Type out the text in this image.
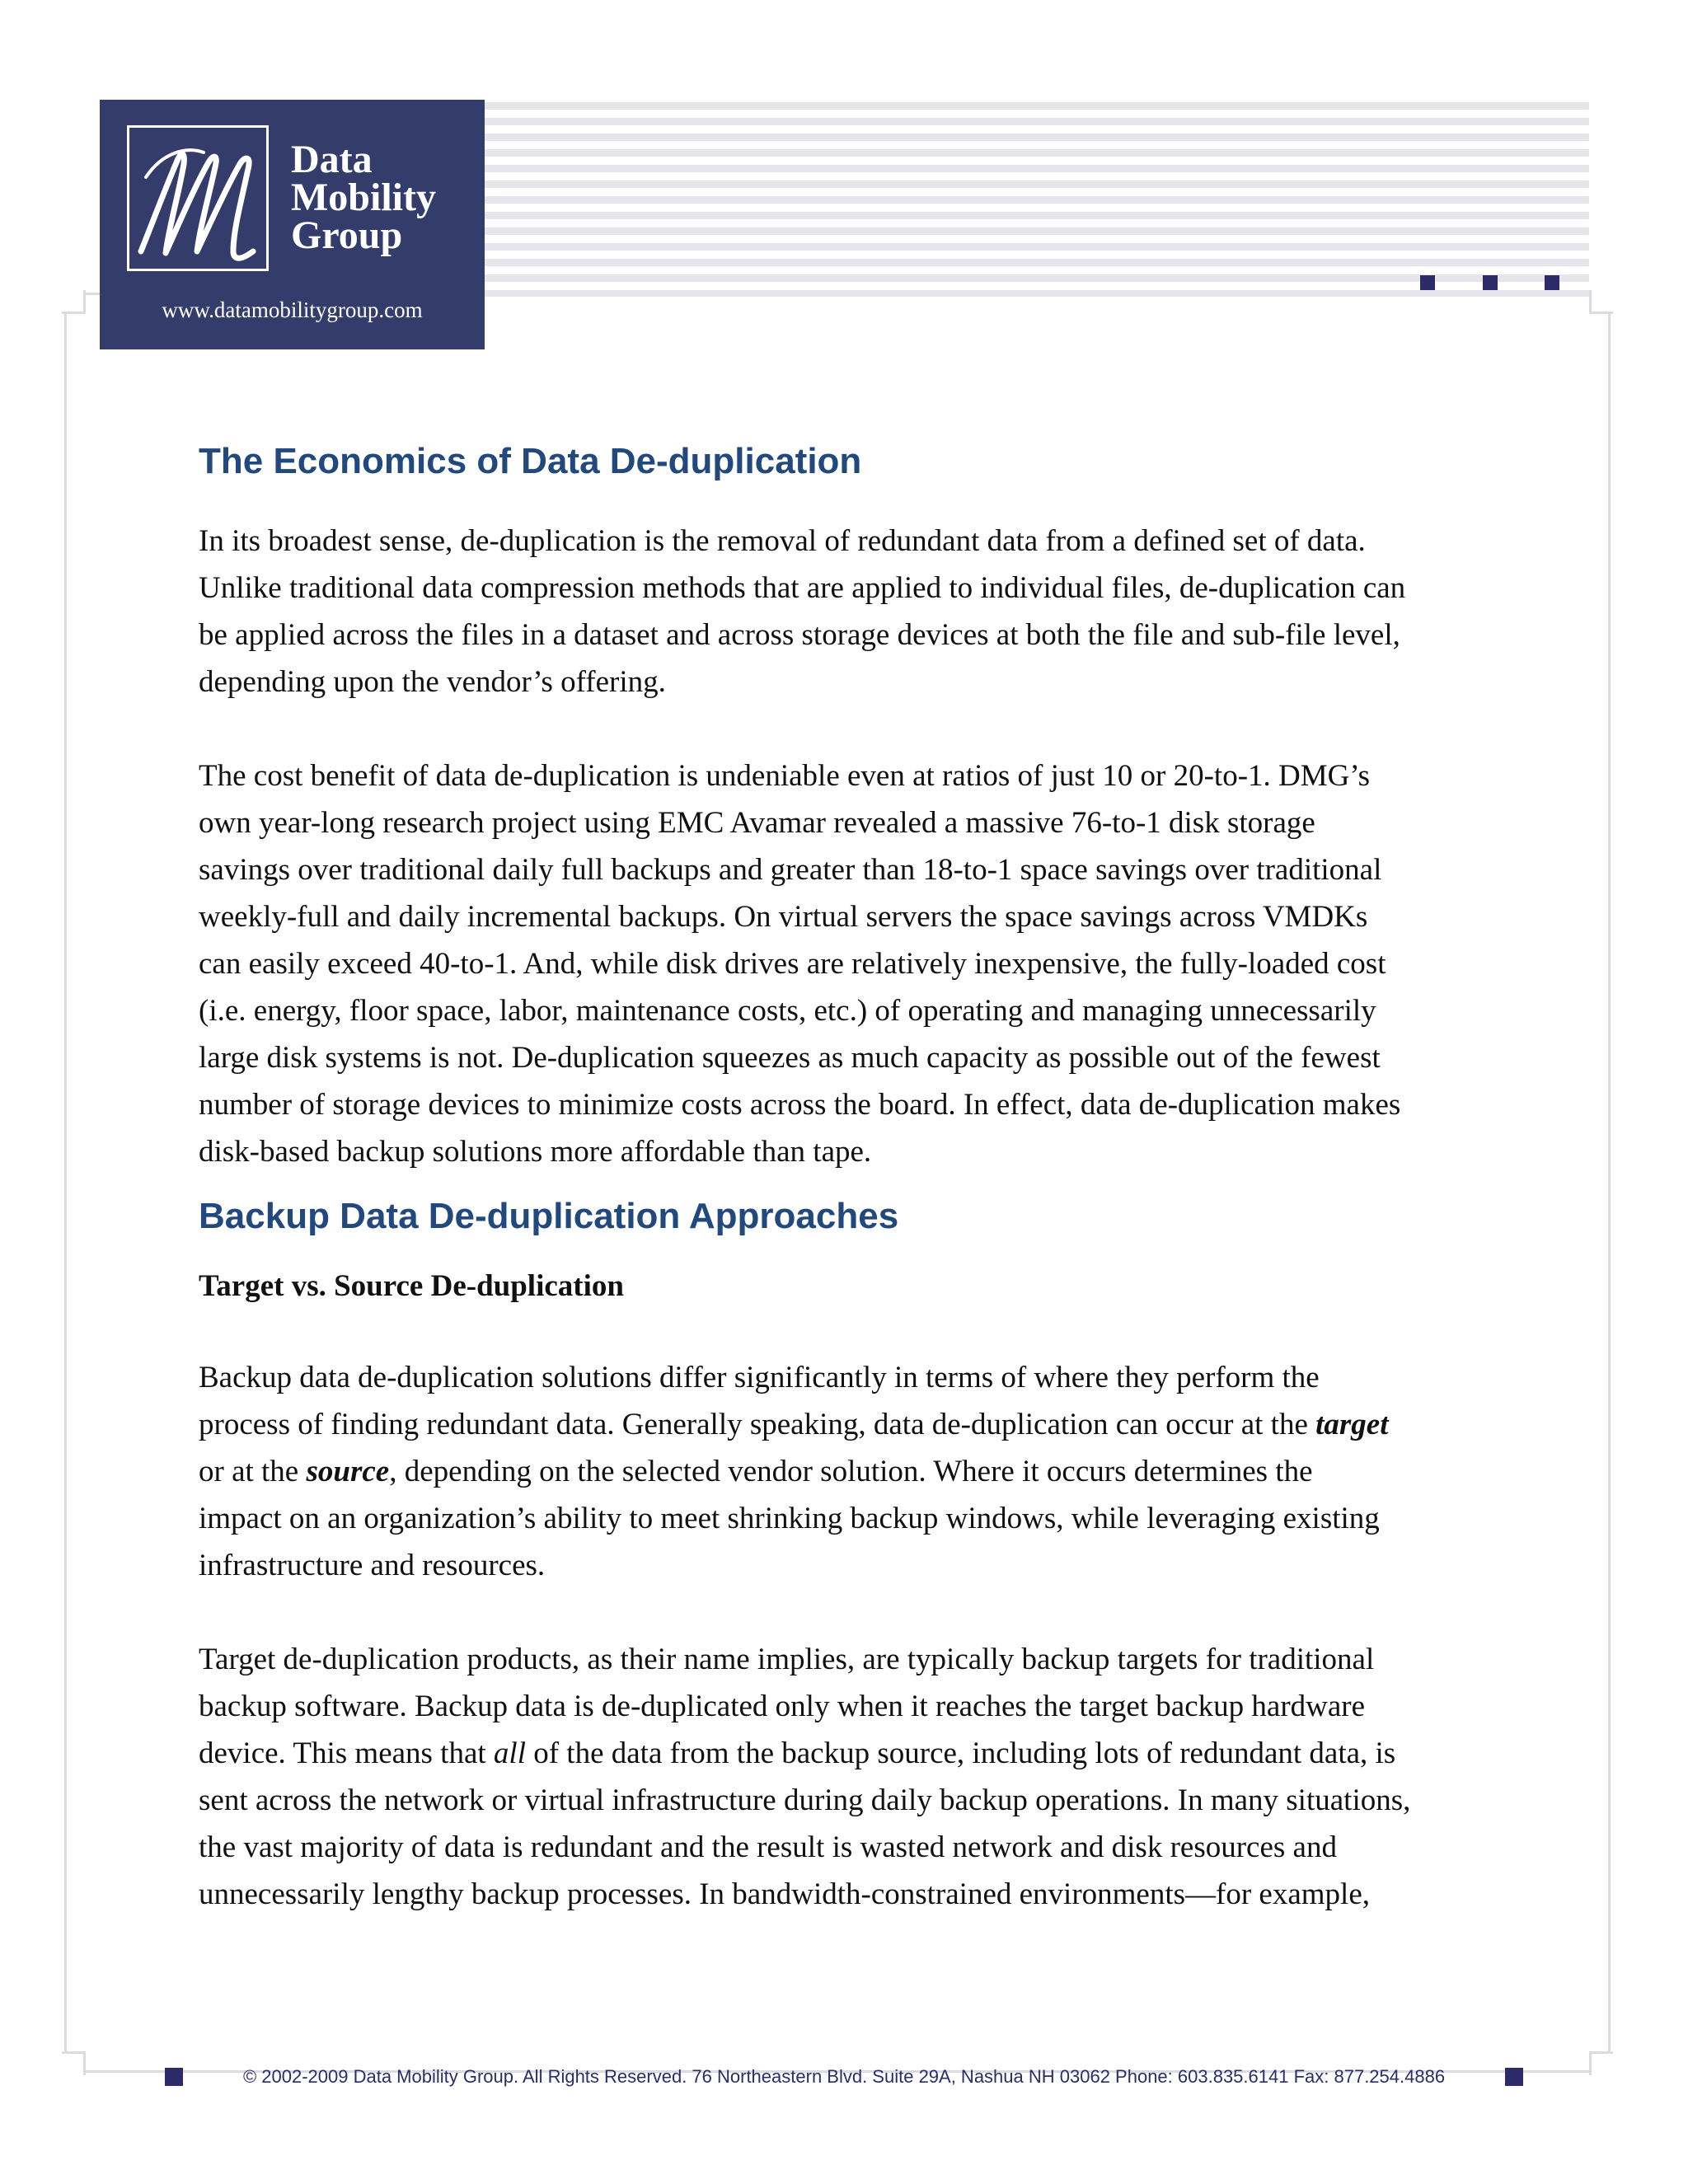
Data
Mobility
Group
www.datamobilitygroup.com
The Economics of Data De-duplication

In its broadest sense, de-duplication is the removal of redundant data from a defined set of data.

Unlike traditional data compression methods that are applied to individual files, de-duplication can

be applied across the files in a dataset and across storage devices at both the file and sub-file level,

depending upon the vendor’s offering.

The cost benefit of data de-duplication is undeniable even at ratios of just 10 or 20-to-1. DMG’s

own year-long research project using EMC Avamar revealed a massive 76-to-1 disk storage

savings over traditional daily full backups and greater than 18-to-1 space savings over traditional

weekly-full and daily incremental backups. On virtual servers the space savings across VMDKs

can easily exceed 40-to-1. And, while disk drives are relatively inexpensive, the fully-loaded cost

(i.e. energy, floor space, labor, maintenance costs, etc.) of operating and managing unnecessarily

large disk systems is not. De-duplication squeezes as much capacity as possible out of the fewest

number of storage devices to minimize costs across the board. In effect, data de-duplication makes

disk-based backup solutions more affordable than tape.

Backup Data De-duplication Approaches
Target vs. Source De-duplication

Backup data de-duplication solutions differ significantly in terms of where they perform the

process of finding redundant data. Generally speaking, data de-duplication can occur at the target

or at the source, depending on the selected vendor solution. Where it occurs determines the

impact on an organization’s ability to meet shrinking backup windows, while leveraging existing

infrastructure and resources.

Target de-duplication products, as their name implies, are typically backup targets for traditional

backup software. Backup data is de-duplicated only when it reaches the target backup hardware

device. This means that all of the data from the backup source, including lots of redundant data, is

sent across the network or virtual infrastructure during daily backup operations. In many situations,

the vast majority of data is redundant and the result is wasted network and disk resources and

unnecessarily lengthy backup processes. In bandwidth-constrained environments—for example,

© 2002-2009 Data Mobility Group. All Rights Reserved. 76 Northeastern Blvd. Suite 29A, Nashua NH 03062 Phone: 603.835.6141 Fax: 877.254.4886
